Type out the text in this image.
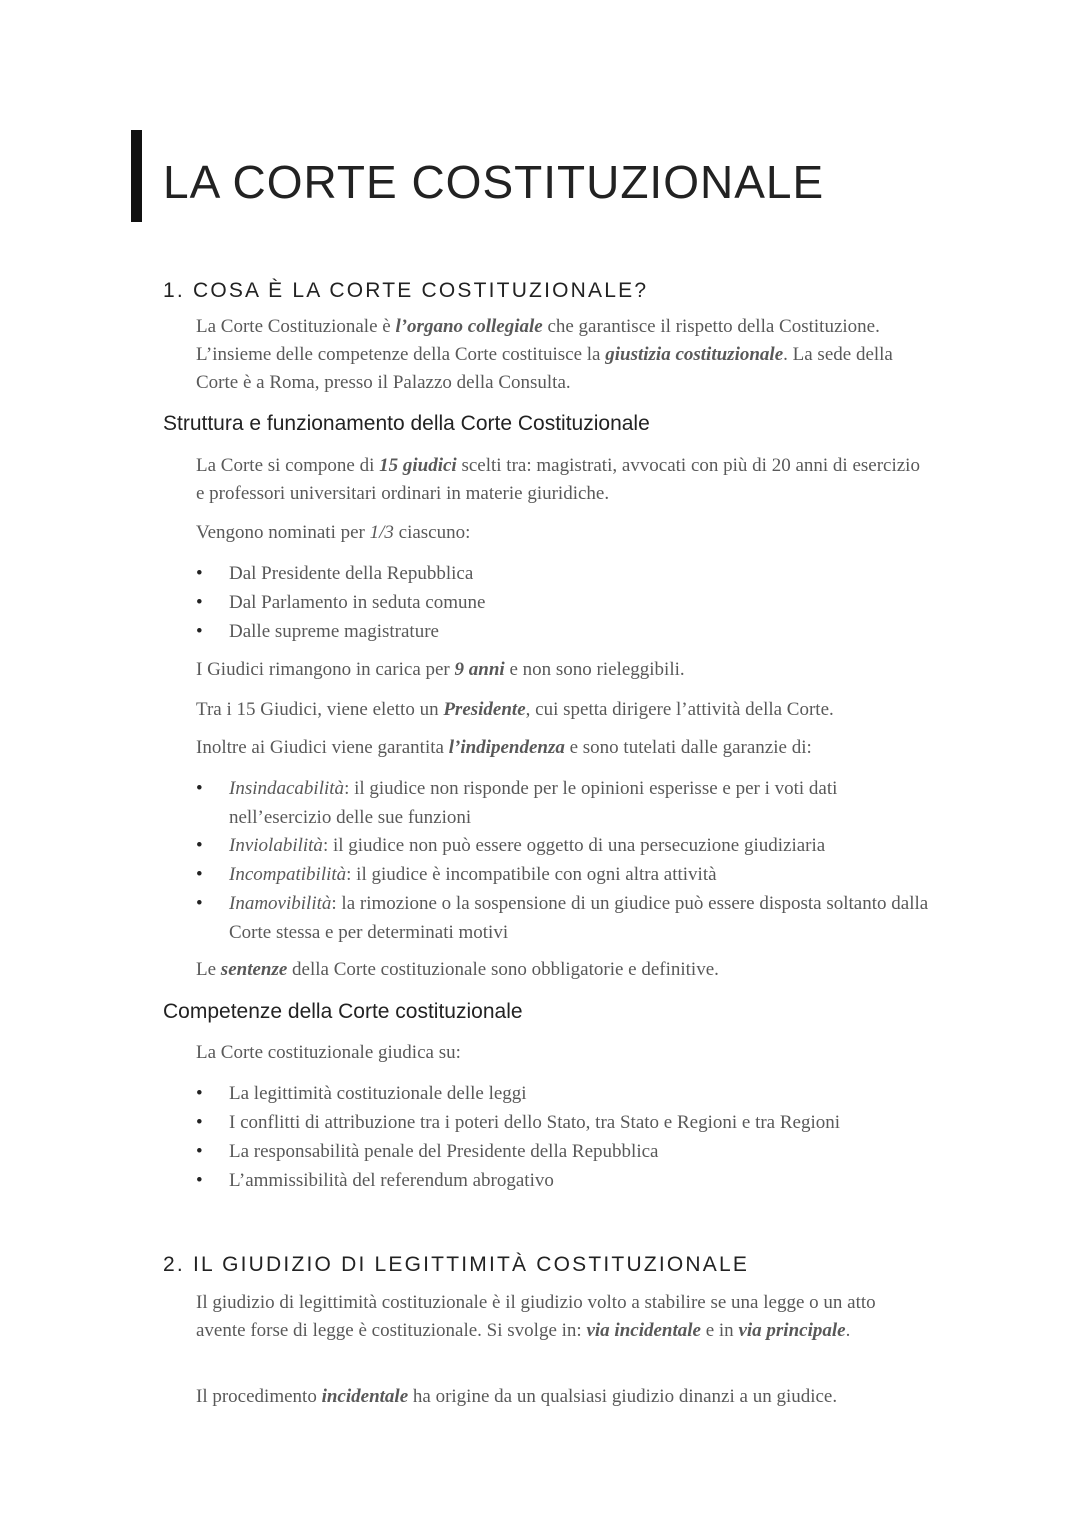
LA CORTE COSTITUZIONALE
1. COSA È LA CORTE COSTITUZIONALE?
La Corte Costituzionale è l’organo collegiale che garantisce il rispetto della Costituzione. L’insieme delle competenze della Corte costituisce la giustizia costituzionale. La sede della Corte è a Roma, presso il Palazzo della Consulta.
Struttura e funzionamento della Corte Costituzionale
La Corte si compone di 15 giudici scelti tra: magistrati, avvocati con più di 20 anni di esercizio e professori universitari ordinari in materie giuridiche.
Vengono nominati per 1/3 ciascuno:
I Giudici rimangono in carica per 9 anni e non sono rieleggibili.
Tra i 15 Giudici, viene eletto un Presidente, cui spetta dirigere l’attività della Corte.
Inoltre ai Giudici viene garantita l’indipendenza e sono tutelati dalle garanzie di:
Le sentenze della Corte costituzionale sono obbligatorie e definitive.
Competenze della Corte costituzionale
La Corte costituzionale giudica su:
2. IL GIUDIZIO DI LEGITTIMITÀ COSTITUZIONALE
Il giudizio di legittimità costituzionale è il giudizio volto a stabilire se una legge o un atto avente forse di legge è costituzionale. Si svolge in: via incidentale e in via principale.
Il procedimento incidentale ha origine da un qualsiasi giudizio dinanzi a un giudice.
•	Dal Presidente della Repubblica
•	Dal Parlamento in seduta comune
•	Dalle supreme magistrature
•	Insindacabilità: il giudice non risponde per le opinioni esperisse e per i voti dati nell’esercizio delle sue funzioni
•	Inviolabilità: il giudice non può essere oggetto di una persecuzione giudiziaria
•	Incompatibilità: il giudice è incompatibile con ogni altra attività
•	Inamovibilità: la rimozione o la sospensione di un giudice può essere disposta soltanto dalla Corte stessa e per determinati motivi
•	La legittimità costituzionale delle leggi
•	I conflitti di attribuzione tra i poteri dello Stato, tra Stato e Regioni e tra Regioni
•	La responsabilità penale del Presidente della Repubblica
•	L’ammissibilità del referendum abrogativo
